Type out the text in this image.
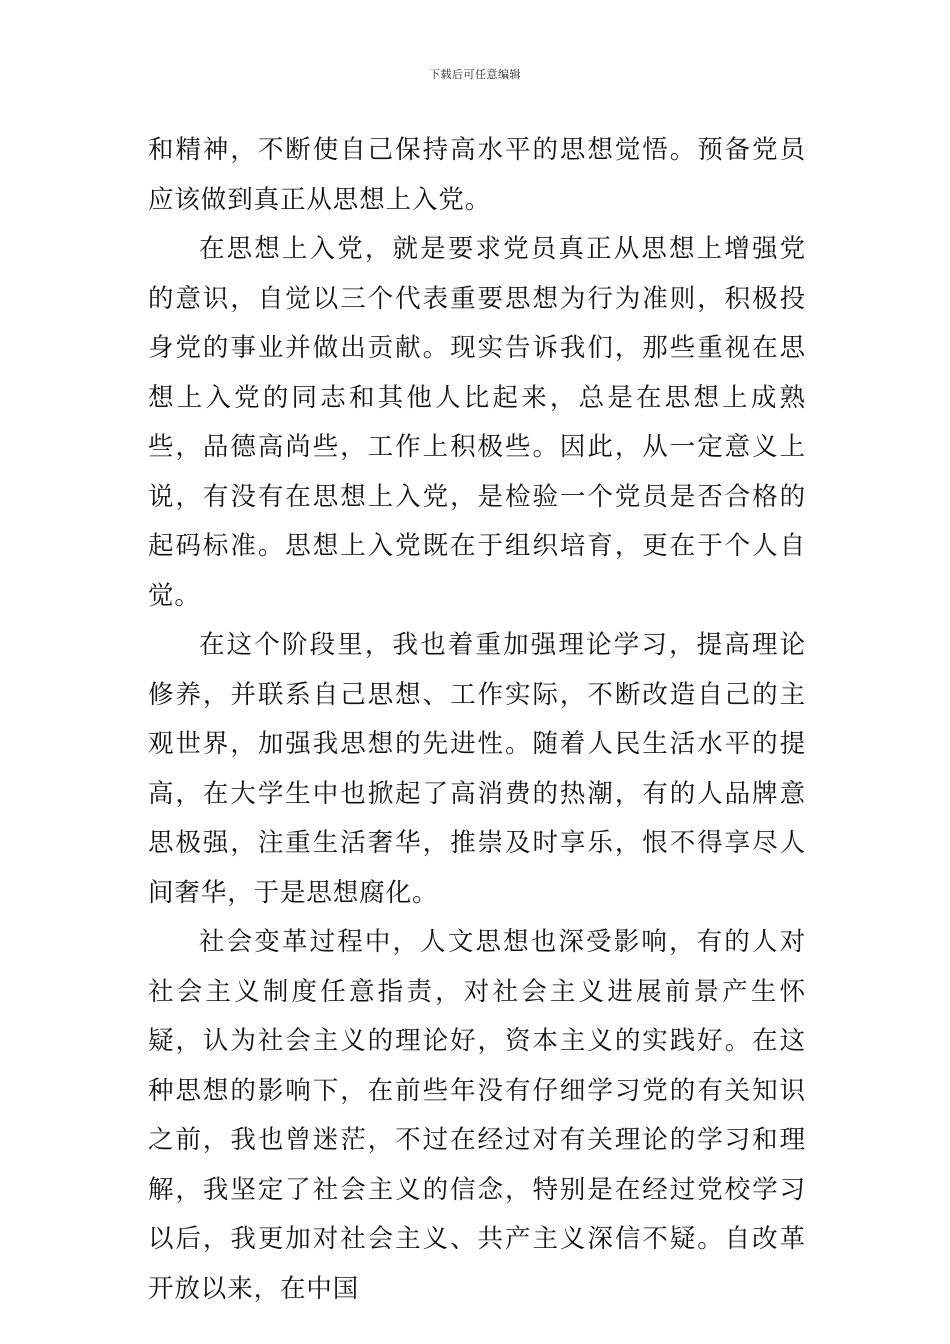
下载后可任意编辑

和精神，不断使自己保持高水平的思想觉悟。预备党员应该做到真正从思想上入党。

在思想上入党，就是要求党员真正从思想上增强党的意识，自觉以三个代表重要思想为行为准则，积极投身党的事业并做出贡献。现实告诉我们，那些重视在思想上入党的同志和其他人比起来，总是在思想上成熟些，品德高尚些，工作上积极些。因此，从一定意义上说，有没有在思想上入党，是检验一个党员是否合格的起码标准。思想上入党既在于组织培育，更在于个人自觉。

在这个阶段里，我也着重加强理论学习，提高理论修养，并联系自己思想、工作实际，不断改造自己的主观世界，加强我思想的先进性。随着人民生活水平的提高，在大学生中也掀起了高消费的热潮，有的人品牌意思极强，注重生活奢华，推崇及时享乐，恨不得享尽人间奢华，于是思想腐化。

社会变革过程中，人文思想也深受影响，有的人对社会主义制度任意指责，对社会主义进展前景产生怀疑，认为社会主义的理论好，资本主义的实践好。在这种思想的影响下，在前些年没有仔细学习党的有关知识之前，我也曾迷茫，不过在经过对有关理论的学习和理解，我坚定了社会主义的信念，特别是在经过党校学习以后，我更加对社会主义、共产主义深信不疑。自改革开放以来，在中国
